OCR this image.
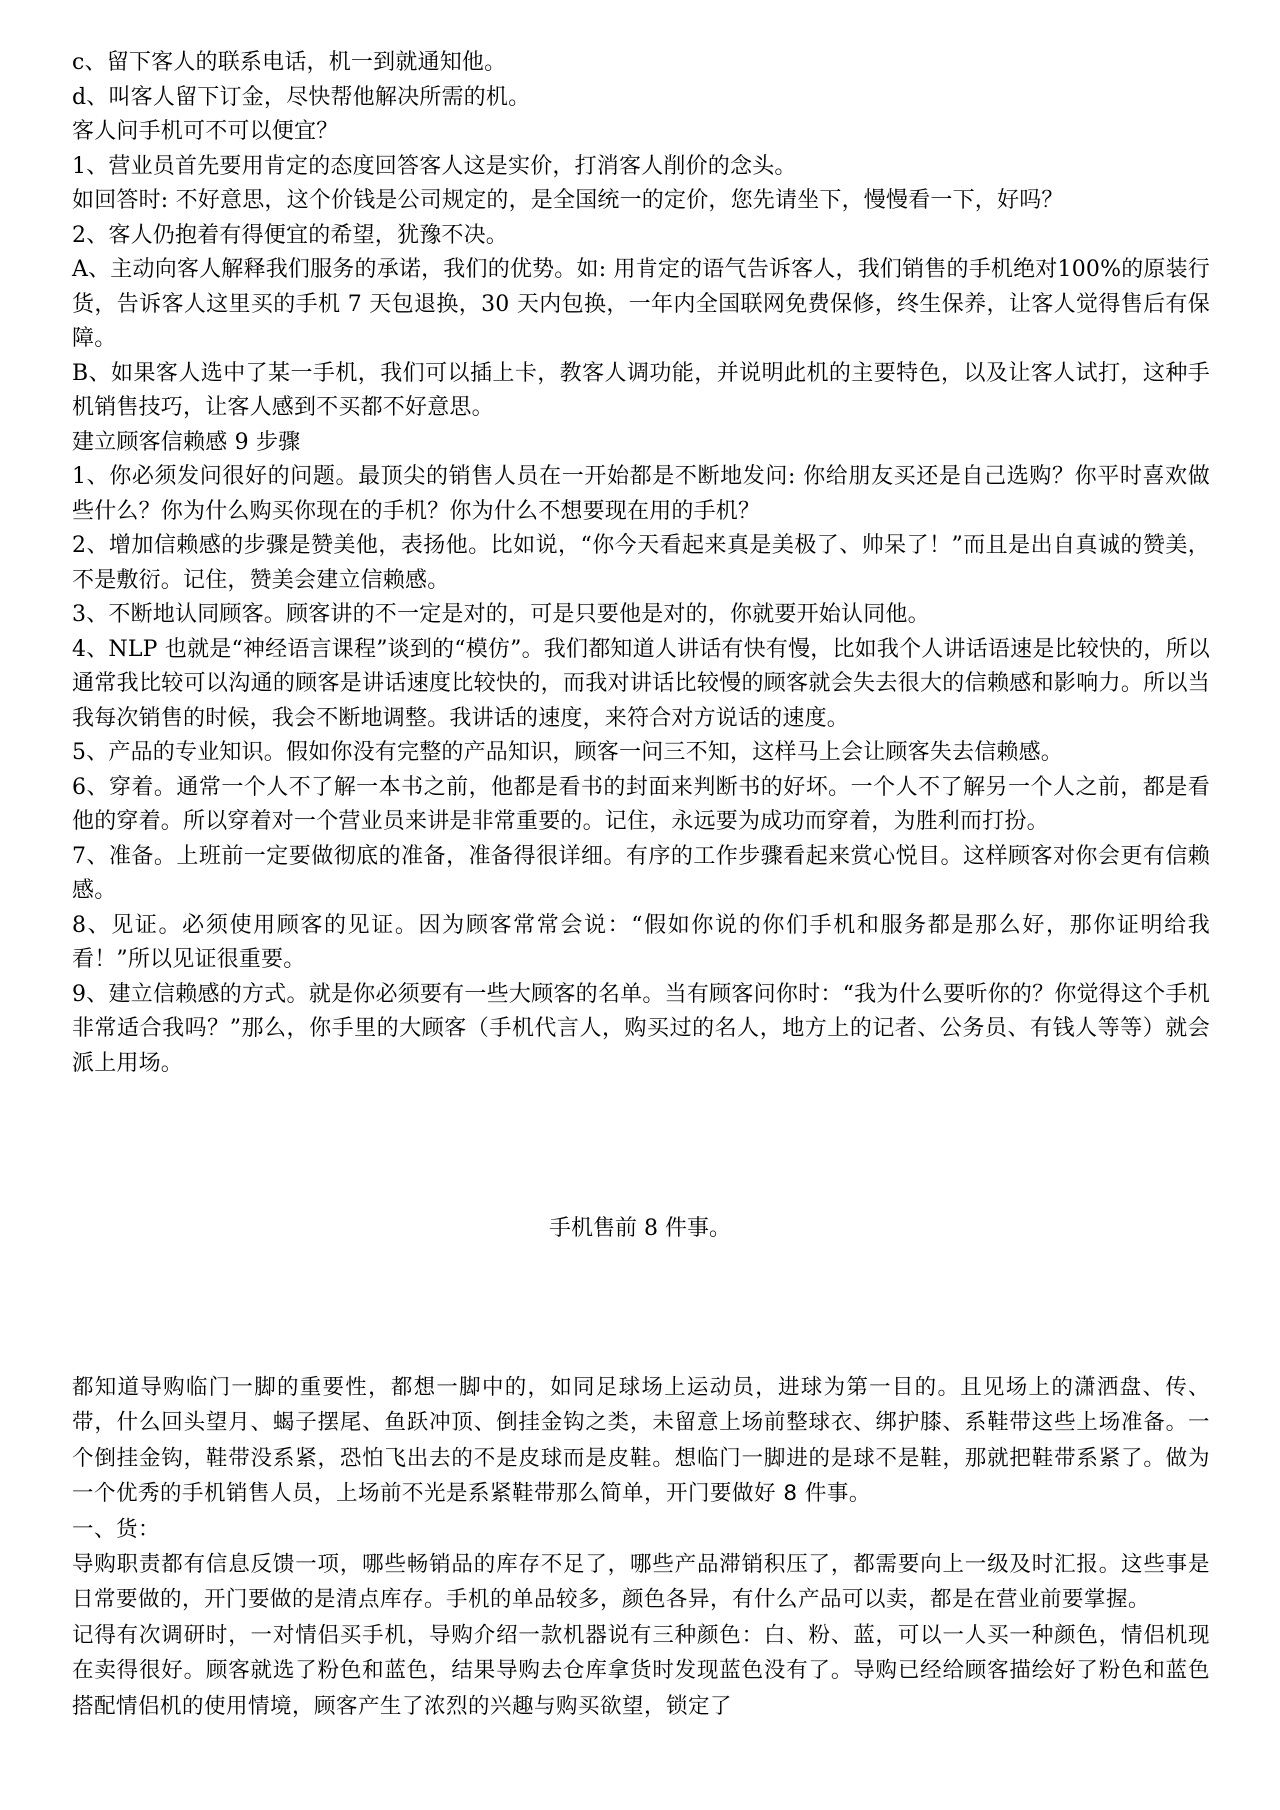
c、留下客人的联系电话，机一到就通知他。

d、叫客人留下订金，尽快帮他解决所需的机。

客人问手机可不可以便宜？

1、营业员首先要用肯定的态度回答客人这是实价，打消客人削价的念头。

如回答时: 不好意思，这个价钱是公司规定的，是全国统一的定价，您先请坐下，慢慢看一下，好吗？

2、客人仍抱着有得便宜的希望，犹豫不决。

A、主动向客人解释我们服务的承诺，我们的优势。如: 用肯定的语气告诉客人，我们销售的手机绝对100%的原装行货，告诉客人这里买的手机 7 天包退换，30 天内包换，一年内全国联网免费保修，终生保养，让客人觉得售后有保障。

B、如果客人选中了某一手机，我们可以插上卡，教客人调功能，并说明此机的主要特色，以及让客人试打，这种手机销售技巧，让客人感到不买都不好意思。

建立顾客信赖感 9 步骤

1、你必须发问很好的问题。最顶尖的销售人员在一开始都是不断地发问: 你给朋友买还是自己选购？你平时喜欢做些什么？你为什么购买你现在的手机？你为什么不想要现在用的手机？

2、增加信赖感的步骤是赞美他，表扬他。比如说，“你今天看起来真是美极了、帅呆了！”而且是出自真诚的赞美，不是敷衍。记住，赞美会建立信赖感。

3、不断地认同顾客。顾客讲的不一定是对的，可是只要他是对的，你就要开始认同他。

4、NLP 也就是“神经语言课程”谈到的“模仿”。我们都知道人讲话有快有慢，比如我个人讲话语速是比较快的，所以通常我比较可以沟通的顾客是讲话速度比较快的，而我对讲话比较慢的顾客就会失去很大的信赖感和影响力。所以当我每次销售的时候，我会不断地调整。我讲话的速度，来符合对方说话的速度。

5、产品的专业知识。假如你没有完整的产品知识，顾客一问三不知，这样马上会让顾客失去信赖感。

6、穿着。通常一个人不了解一本书之前，他都是看书的封面来判断书的好坏。一个人不了解另一个人之前，都是看他的穿着。所以穿着对一个营业员来讲是非常重要的。记住，永远要为成功而穿着，为胜利而打扮。

7、准备。上班前一定要做彻底的准备，准备得很详细。有序的工作步骤看起来赏心悦目。这样顾客对你会更有信赖感。

8、见证。必须使用顾客的见证。因为顾客常常会说：“假如你说的你们手机和服务都是那么好，那你证明给我看！”所以见证很重要。

9、建立信赖感的方式。就是你必须要有一些大顾客的名单。当有顾客问你时：“我为什么要听你的？你觉得这个手机非常适合我吗？”那么，你手里的大顾客（手机代言人，购买过的名人，地方上的记者、公务员、有钱人等等）就会派上用场。

手机售前 8 件事。

都知道导购临门一脚的重要性，都想一脚中的，如同足球场上运动员，进球为第一目的。且见场上的潇洒盘、传、带，什么回头望月、蝎子摆尾、鱼跃冲顶、倒挂金钩之类，未留意上场前整球衣、绑护膝、系鞋带这些上场准备。一个倒挂金钩，鞋带没系紧，恐怕飞出去的不是皮球而是皮鞋。想临门一脚进的是球不是鞋，那就把鞋带系紧了。做为一个优秀的手机销售人员，上场前不光是系紧鞋带那么简单，开门要做好 8 件事。

一、货：

导购职责都有信息反馈一项，哪些畅销品的库存不足了，哪些产品滞销积压了，都需要向上一级及时汇报。这些事是日常要做的，开门要做的是清点库存。手机的单品较多，颜色各异，有什么产品可以卖，都是在营业前要掌握。

记得有次调研时，一对情侣买手机，导购介绍一款机器说有三种颜色：白、粉、蓝，可以一人买一种颜色，情侣机现在卖得很好。顾客就选了粉色和蓝色，结果导购去仓库拿货时发现蓝色没有了。导购已经给顾客描绘好了粉色和蓝色搭配情侣机的使用情境，顾客产生了浓烈的兴趣与购买欲望，锁定了
